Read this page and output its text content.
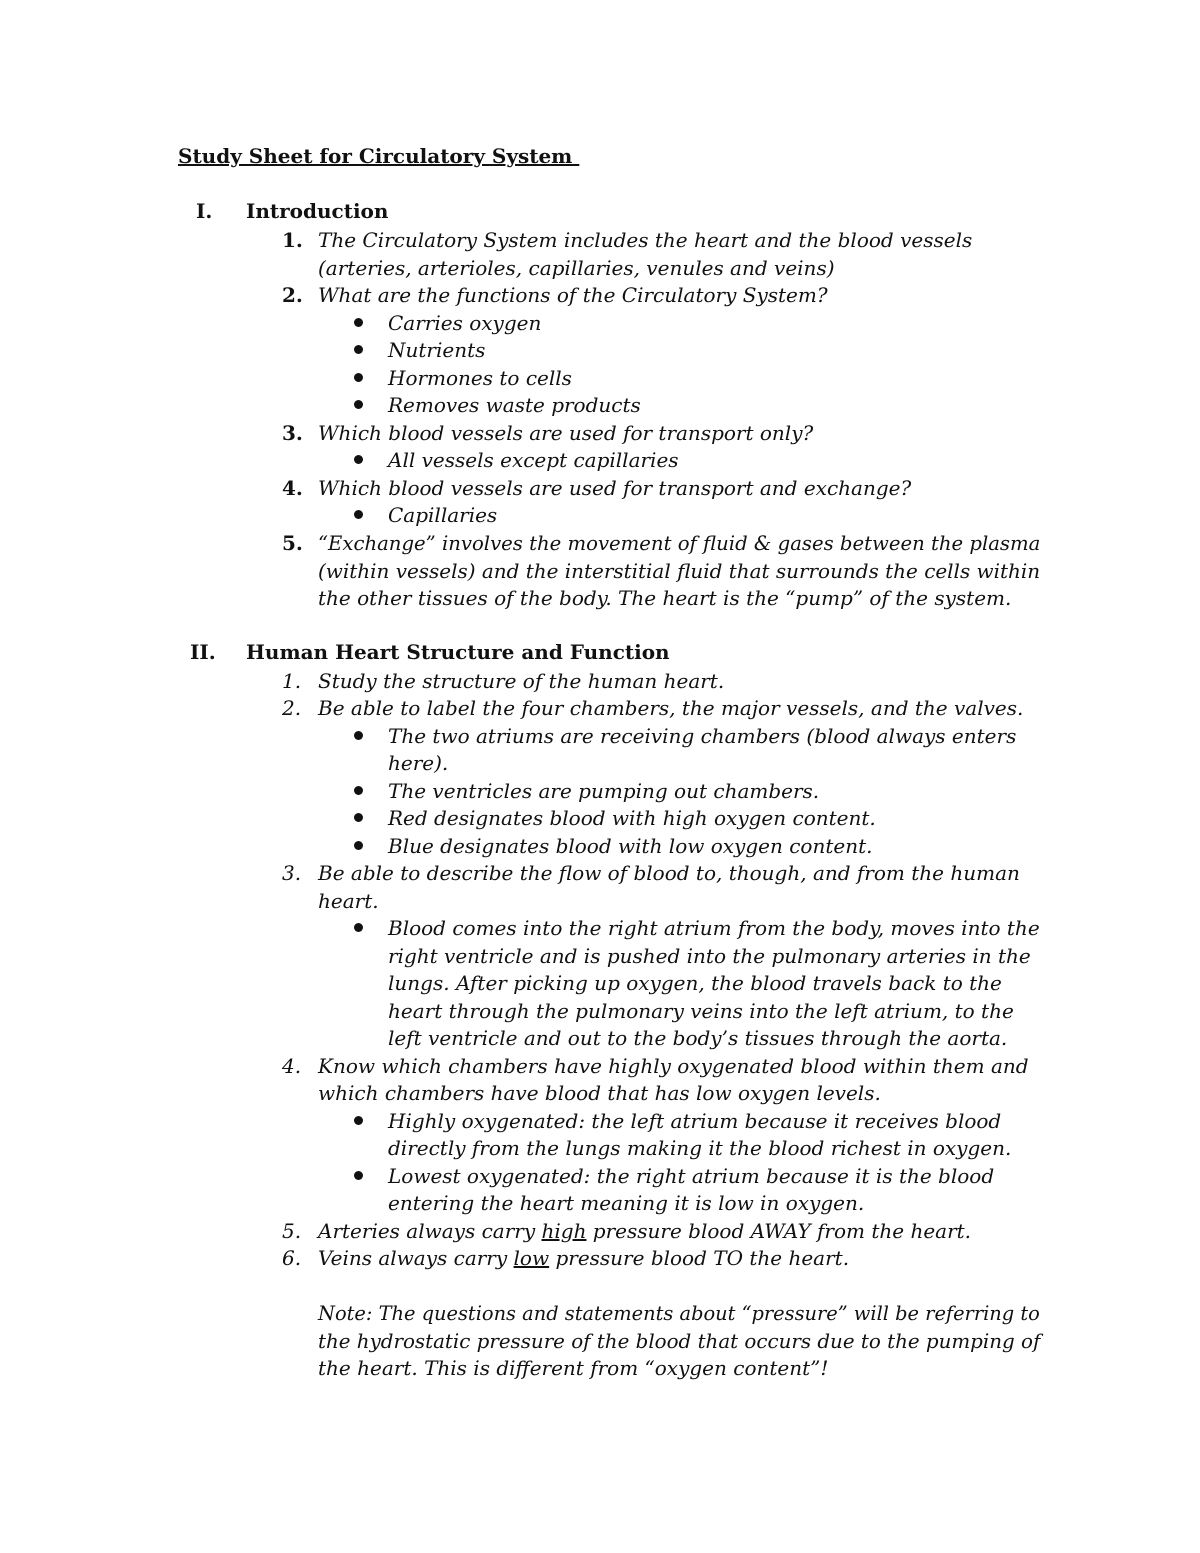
Study Sheet for Circulatory System
I.	Introduction
1. The Circulatory System includes the heart and the blood vessels
(arteries, arterioles, capillaries, venules and veins)
2. What are the functions of the Circulatory System?
Carries oxygen
Nutrients
Hormones to cells
Removes waste products
3. Which blood vessels are used for transport only?
All vessels except capillaries
4. Which blood vessels are used for transport and exchange?
Capillaries
5. “Exchange” involves the movement of fluid & gases between the plasma
(within vessels) and the interstitial fluid that surrounds the cells within
the other tissues of the body. The heart is the “pump” of the system.
II.	Human Heart Structure and Function
1. Study the structure of the human heart.
2. Be able to label the four chambers, the major vessels, and the valves.
The two atriums are receiving chambers (blood always enters
here).
The ventricles are pumping out chambers.
Red designates blood with high oxygen content.
Blue designates blood with low oxygen content.
3. Be able to describe the flow of blood to, though, and from the human
heart.
Blood comes into the right atrium from the body, moves into the
right ventricle and is pushed into the pulmonary arteries in the
lungs. After picking up oxygen, the blood travels back to the
heart through the pulmonary veins into the left atrium, to the
left ventricle and out to the body’s tissues through the aorta.
4. Know which chambers have highly oxygenated blood within them and
which chambers have blood that has low oxygen levels.
Highly oxygenated: the left atrium because it receives blood
directly from the lungs making it the blood richest in oxygen.
Lowest oxygenated: the right atrium because it is the blood
entering the heart meaning it is low in oxygen.
5. Arteries always carry high pressure blood AWAY from the heart.
6. Veins always carry low pressure blood TO the heart.
Note: The questions and statements about “pressure” will be referring to
the hydrostatic pressure of the blood that occurs due to the pumping of
the heart. This is different from “oxygen content”!
